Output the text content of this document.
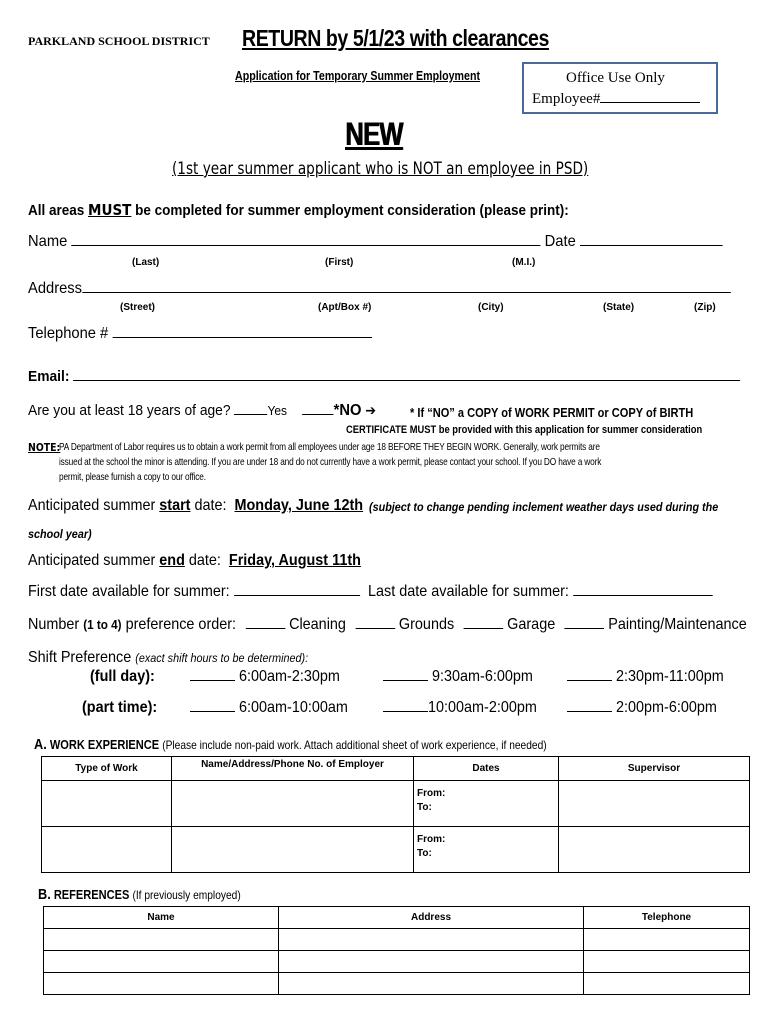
PARKLAND SCHOOL DISTRICT RETURN by 5/1/23 with clearances
Application for Temporary Summer Employment	Office Use Only
Employee#
NEW
(1st year summer applicant who is NOT an employee in PSD)
All areas MUST be completed for summer employment consideration (please print):
Name	Date
(Last)	(First)	(M.I.)
Address
(Street)	(Apt/Box #)	(City)	(State)	(Zip)
Telephone #
Email:
Are you at least 18 years of age?	Yes	*NO ➔	* If “NO” a COPY of WORK PERMIT or COPY of BIRTH
CERTIFICATE MUST be provided with this application for summer consideration
NOTE:
PA Department of Labor requires us to obtain a work permit from all employees under age 18 BEFORE THEY BEGIN WORK. Generally, work permits are
issued at the school the minor is attending. If you are under 18 and do not currently have a work permit, please contact your school. If you DO have a work
permit, please furnish a copy to our office.
Anticipated summer start date: Monday, June 12th (subject to change pending inclement weather days used during the
school year)
Anticipated summer end date: Friday, August 11th
First date available for summer:	Last date available for summer:
Number (1 to 4) preference order:	Cleaning	Grounds	Garage	Painting/Maintenance
Shift Preference (exact shift hours to be determined):
(full day):	6:00am-2:30pm	9:30am-6:00pm	2:30pm-11:00pm
(part time):	6:00am-10:00am	10:00am-2:00pm	2:00pm-6:00pm
A. WORK EXPERIENCE (Please include non-paid work. Attach additional sheet of work experience, if needed)
Type of Work	Name/Address/Phone No. of Employer	Dates	Supervisor

		From:
To:	

		From:
To:	

B. REFERENCES (If previously employed)
Name	Address	Telephone
